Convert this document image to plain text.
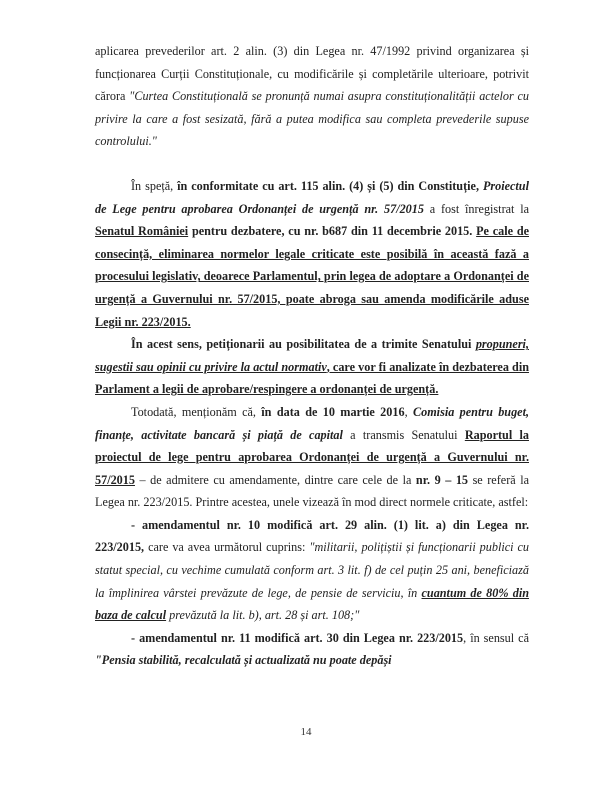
aplicarea prevederilor art. 2 alin. (3) din Legea nr. 47/1992 privind organizarea și funcționarea Curții Constituționale, cu modificările și completările ulterioare, potrivit cărora "Curtea Constituțională se pronunță numai asupra constituționalității actelor cu privire la care a fost sesizată, fără a putea modifica sau completa prevederile supuse controlului."

În speță, în conformitate cu art. 115 alin. (4) și (5) din Constituție, Proiectul de Lege pentru aprobarea Ordonanței de urgență nr. 57/2015 a fost înregistrat la Senatul României pentru dezbatere, cu nr. b687 din 11 decembrie 2015. Pe cale de consecință, eliminarea normelor legale criticate este posibilă în această fază a procesului legislativ, deoarece Parlamentul, prin legea de adoptare a Ordonanței de urgență a Guvernului nr. 57/2015, poate abroga sau amenda modificările aduse Legii nr. 223/2015.

În acest sens, petiționarii au posibilitatea de a trimite Senatului propuneri, sugestii sau opinii cu privire la actul normativ, care vor fi analizate în dezbaterea din Parlament a legii de aprobare/respingere a ordonanței de urgență.

Totodată, menționăm că, în data de 10 martie 2016, Comisia pentru buget, finanțe, activitate bancară și piață de capital a transmis Senatului Raportul la proiectul de lege pentru aprobarea Ordonanței de urgență a Guvernului nr. 57/2015 – de admitere cu amendamente, dintre care cele de la nr. 9 – 15 se referă la Legea nr. 223/2015. Printre acestea, unele vizează în mod direct normele criticate, astfel:

- amendamentul nr. 10 modifică art. 29 alin. (1) lit. a) din Legea nr. 223/2015, care va avea următorul cuprins: "militarii, polițiștii și funcționarii publici cu statut special, cu vechime cumulată conform art. 3 lit. f) de cel puțin 25 ani, beneficiază la împlinirea vârstei prevăzute de lege, de pensie de serviciu, în cuantum de 80% din baza de calcul prevăzută la lit. b), art. 28 și art. 108;"

- amendamentul nr. 11 modifică art. 30 din Legea nr. 223/2015, în sensul că "Pensia stabilită, recalculată și actualizată nu poate depăși

14
